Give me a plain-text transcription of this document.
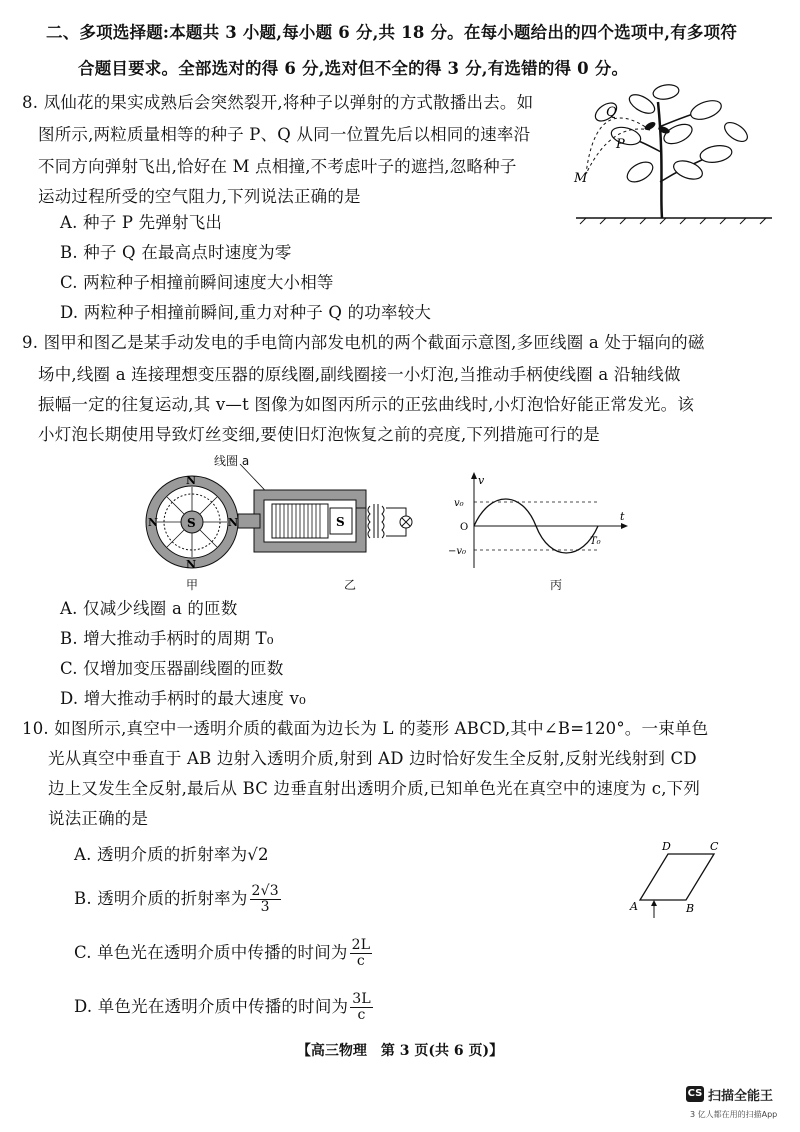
二、多项选择题:本题共 3 小题,每小题 6 分,共 18 分。在每小题给出的四个选项中,有多项符
合题目要求。全部选对的得 6 分,选对但不全的得 3 分,有选错的得 0 分。
8. 凤仙花的果实成熟后会突然裂开,将种子以弹射的方式散播出去。如
图所示,两粒质量相等的种子 P、Q 从同一位置先后以相同的速率沿
不同方向弹射飞出,恰好在 M 点相撞,不考虑叶子的遮挡,忽略种子
运动过程所受的空气阻力,下列说法正确的是
A. 种子 P 先弹射飞出
B. 种子 Q 在最高点时速度为零
C. 两粒种子相撞前瞬间速度大小相等
D. 两粒种子相撞前瞬间,重力对种子 Q 的功率较大
Q
P
M
9. 图甲和图乙是某手动发电的手电筒内部发电机的两个截面示意图,多匝线圈 a 处于辐向的磁
场中,线圈 a 连接理想变压器的原线圈,副线圈接一小灯泡,当推动手柄使线圈 a 沿轴线做
振幅一定的往复运动,其 v—t 图像为如图丙所示的正弦曲线时,小灯泡恰好能正常发光。该
小灯泡长期使用导致灯丝变细,要使旧灯泡恢复之前的亮度,下列措施可行的是
S
N
N
N	N
甲
线圈 a
S
乙
v
t
v₀
O
−v₀
T₀
丙
A. 仅减少线圈 a 的匝数
B. 增大推动手柄时的周期 T₀
C. 仅增加变压器副线圈的匝数
D. 增大推动手柄时的最大速度 v₀
10. 如图所示,真空中一透明介质的截面为边长为 L 的菱形 ABCD,其中∠B=120°。一束单色
光从真空中垂直于 AB 边射入透明介质,射到 AD 边时恰好发生全反射,反射光线射到 CD
边上又发生全反射,最后从 BC 边垂直射出透明介质,已知单色光在真空中的速度为 c,下列
说法正确的是
A. 透明介质的折射率为√2
B. 透明介质的折射率为 $\frac{2√3}{3}$
C. 单色光在透明介质中传播的时间为 $\frac{2L}{c}$
D. 单色光在透明介质中传播的时间为 $\frac{3L}{c}$
A	B
C
D
【高三物理　第 3 页(共 6 页)】
CS 扫描全能王
3 亿人都在用的扫描App
